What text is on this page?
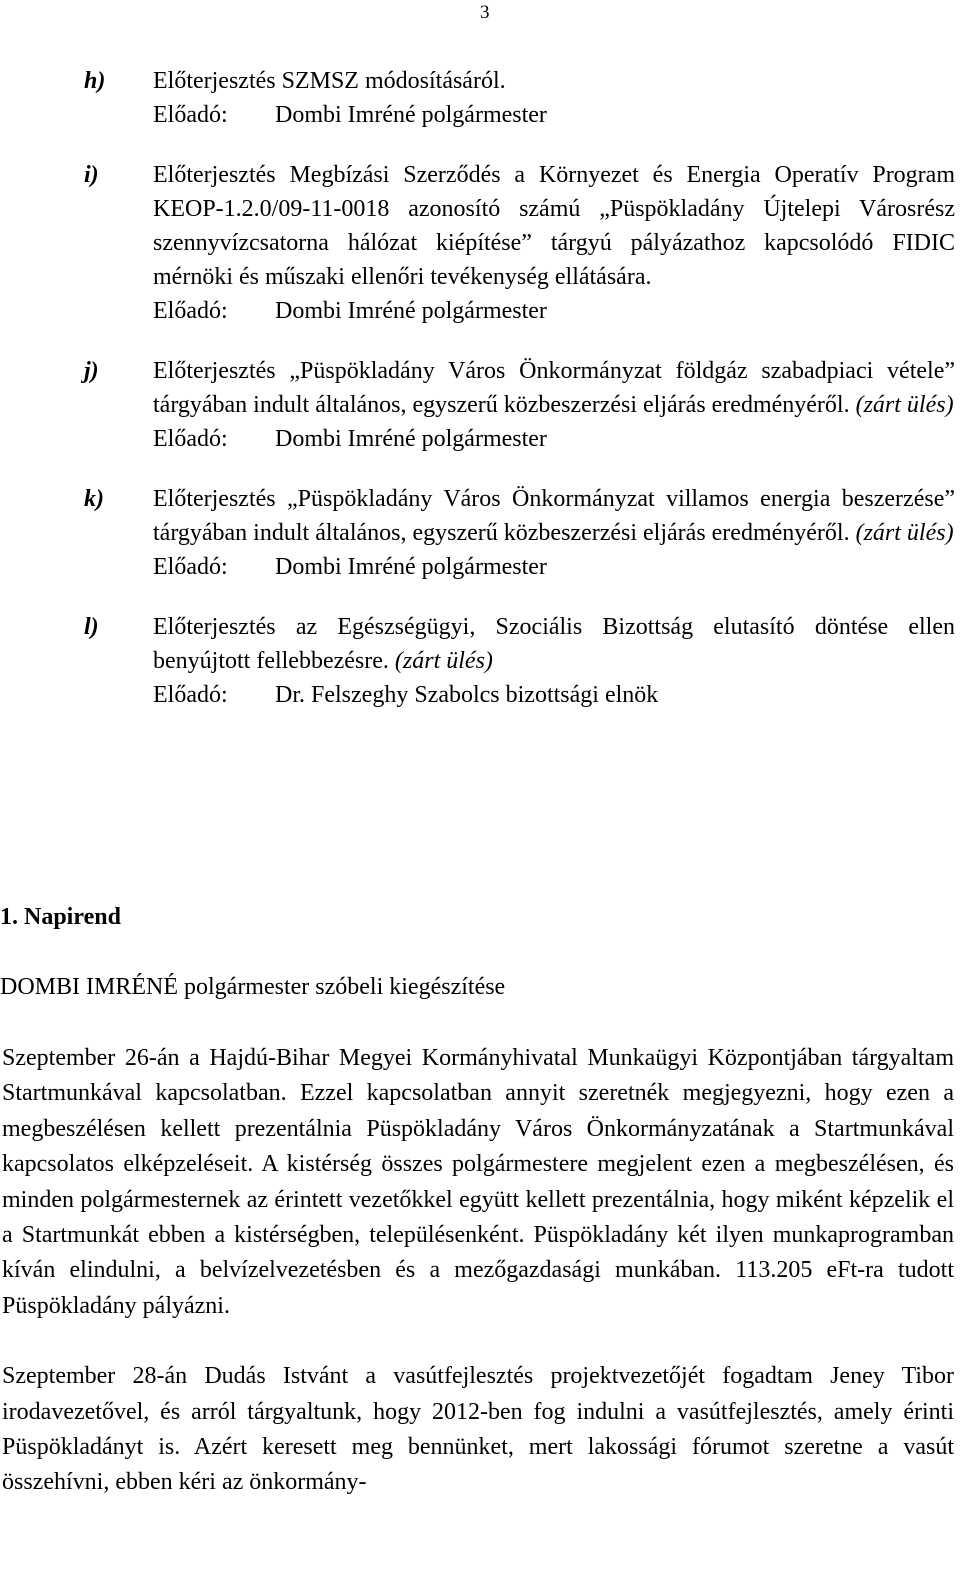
3
h) Előterjesztés SZMSZ módosításáról.

Előadó: Dombi Imréné polgármester

i) Előterjesztés Megbízási Szerződés a Környezet és Energia Operatív Program KEOP-1.2.0/09-11-0018 azonosító számú „Püspökladány Újtelepi Városrész szennyvízcsatorna hálózat kiépítése” tárgyú pályázathoz kapcsolódó FIDIC mérnöki és műszaki ellenőri tevékenység ellátására.

Előadó: Dombi Imréné polgármester

j) Előterjesztés „Püspökladány Város Önkormányzat földgáz szabadpiaci vétele” tárgyában indult általános, egyszerű közbeszerzési eljárás eredményéről. (zárt ülés)

Előadó: Dombi Imréné polgármester

k) Előterjesztés „Püspökladány Város Önkormányzat villamos energia beszerzése” tárgyában indult általános, egyszerű közbeszerzési eljárás eredményéről. (zárt ülés)

Előadó: Dombi Imréné polgármester

l) Előterjesztés az Egészségügyi, Szociális Bizottság elutasító döntése ellen benyújtott fellebbezésre. (zárt ülés)

Előadó: Dr. Felszeghy Szabolcs bizottsági elnök

1. Napirend
DOMBI IMRÉNÉ polgármester szóbeli kiegészítése

Szeptember 26-án a Hajdú-Bihar Megyei Kormányhivatal Munkaügyi Központjában tárgyaltam Startmunkával kapcsolatban. Ezzel kapcsolatban annyit szeretnék megjegyezni, hogy ezen a megbeszélésen kellett prezentálnia Püspökladány Város Önkormányzatának a Startmunkával kapcsolatos elképzeléseit. A kistérség összes polgármestere megjelent ezen a megbeszélésen, és minden polgármesternek az érintett vezetőkkel együtt kellett prezentálnia, hogy miként képzelik el a Startmunkát ebben a kistérségben, településenként. Püspökladány két ilyen munkaprogramban kíván elindulni, a belvízelvezetésben és a mezőgazdasági munkában. 113.205 eFt-ra tudott Püspökladány pályázni.

Szeptember 28-án Dudás Istvánt a vasútfejlesztés projektvezetőjét fogadtam Jeney Tibor irodavezetővel, és arról tárgyaltunk, hogy 2012-ben fog indulni a vasútfejlesztés, amely érinti Püspökladányt is. Azért keresett meg bennünket, mert lakossági fórumot szeretne a vasút összehívni, ebben kéri az önkormány-
